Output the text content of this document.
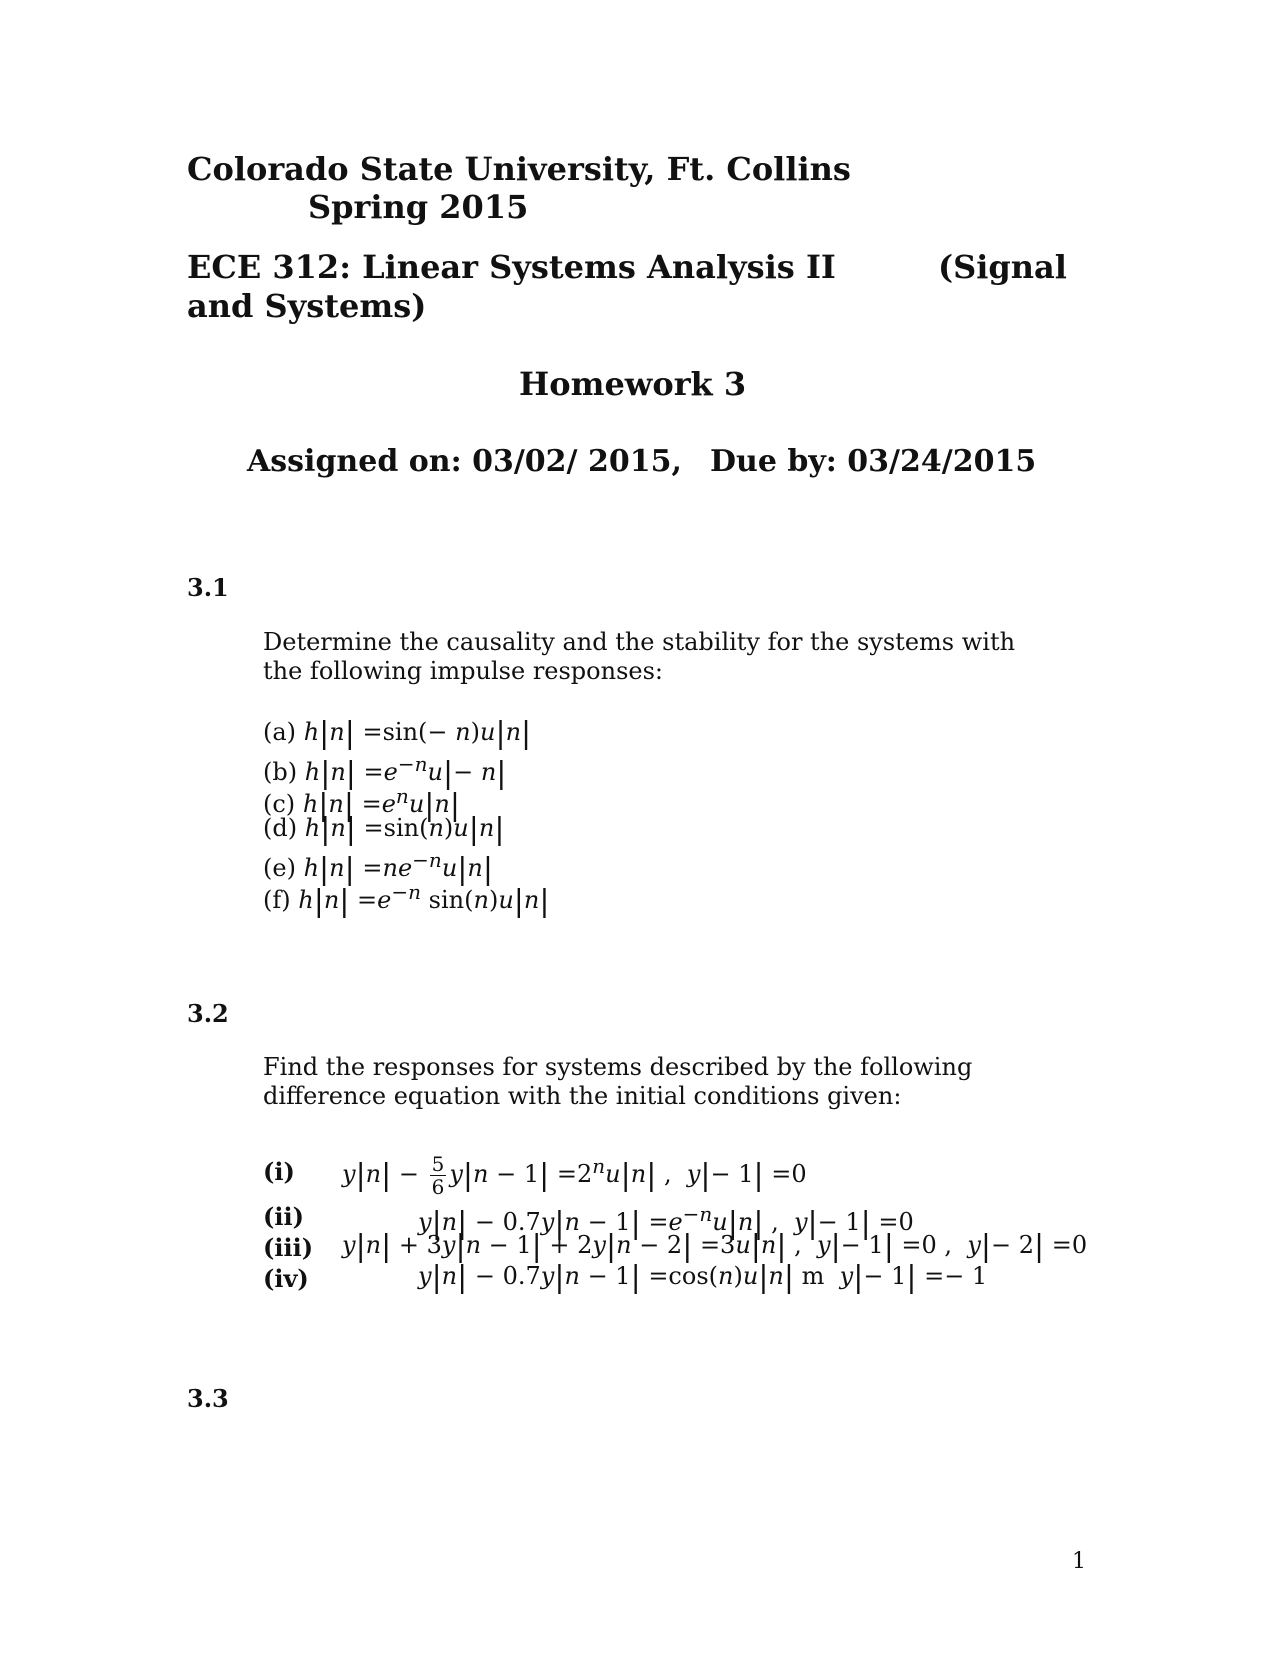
Colorado State University, Ft. Collins
Spring 2015
ECE 312: Linear Systems Analysis II	(Signal
and Systems)
Homework 3
Assigned on: 03/02/ 2015, Due by: 03/24/2015
3.1
Determine the causality and the stability for the systems with
the following impulse responses:
(a) h|n| =sin(− n)u|n|
(b) $h|n| =e^{-n}u|- n|$
(c) $h|n| =e^nu|n|$
(d) h|n| =sin(n)u|n|
(e) $h|n| =ne^{-n}u|n|$
(f) $h|n| =e^{-n}$ sin(n)u|n|
3.2
Find the responses for systems described by the following
difference equation with the initial conditions given:
(i) $y|n| - \frac{5}{6} y|n - 1| =2^nu|n|$ ,  y|− 1| =0
(ii)	$y|n| - 0.7y|n - 1| =e^{-n}u|n|$ ,  y|− 1| =0
(iii) y|n| + 3y|n − 1| + 2y|n − 2| =3u|n| ,  y|− 1| =0 ,  y|− 2| =0
(iv)	y|n| − 0.7y|n − 1| =cos(n)u|n| m  y|− 1| =− 1
3.3
1
